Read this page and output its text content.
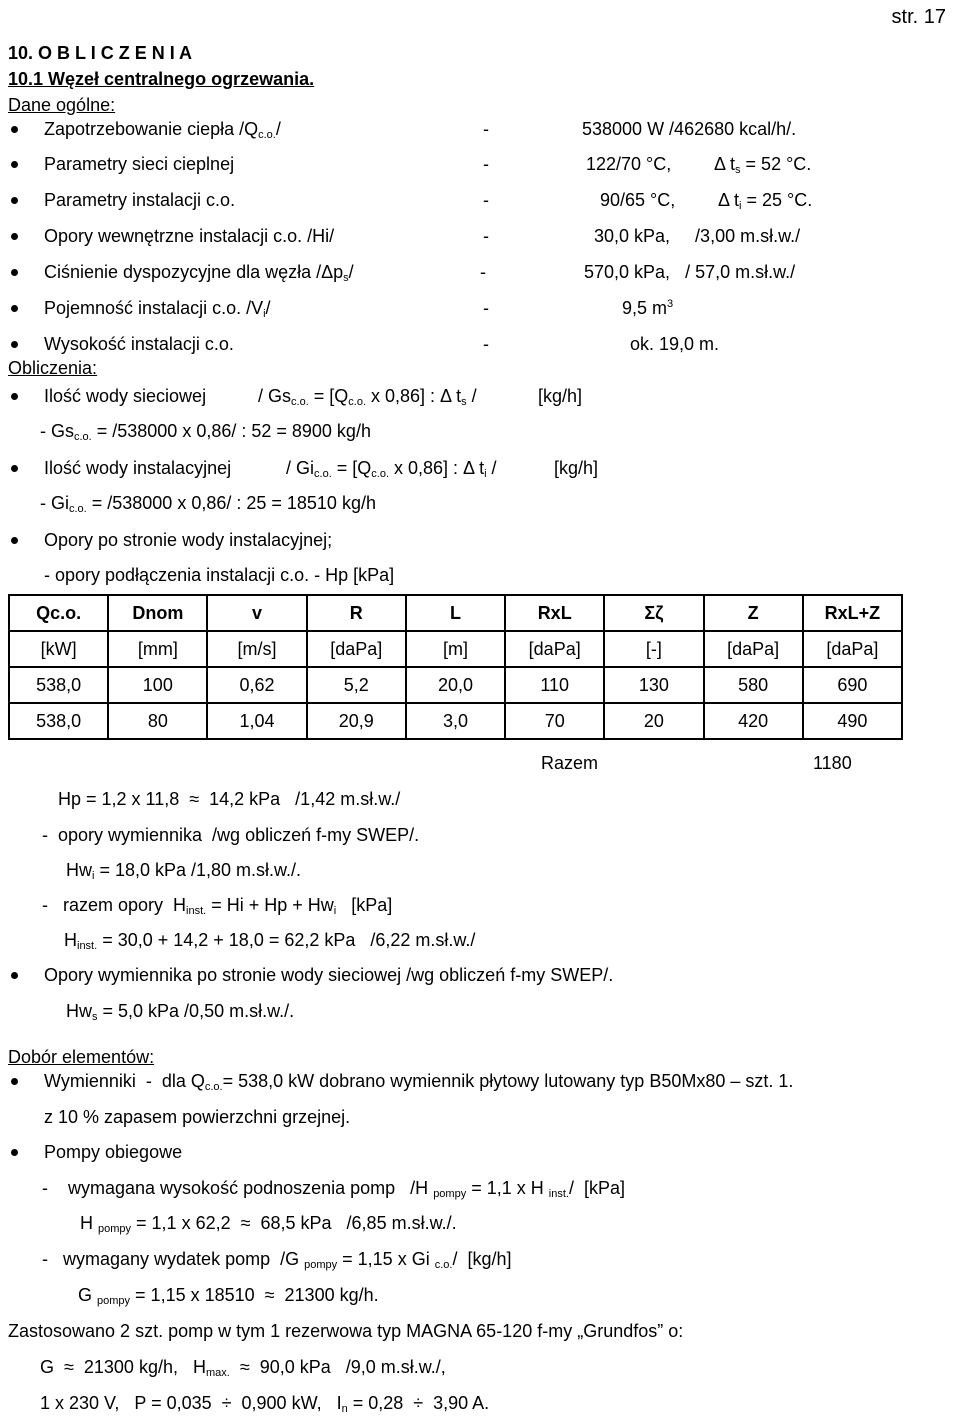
str. 17
10. O B L I C Z E N I A
10.1 Węzeł centralnego ogrzewania.
Dane ogólne:
Zapotrzebowanie ciepła $/Q_{c.o.}/$	-	538000 W /462680 kcal/h/.
Parametry sieci cieplnej	-	122/70 °C, Δ $t_s = 52$ °C.
Parametry instalacji c.o.	-	90/65 °C, Δ $t_i = 25$ °C.
Opory wewnętrzne instalacji c.o. /Hi/	-	30,0 kPa,     /3,00 m.sł.w./
Ciśnienie dyspozycyjne dla węzła $/\Delta p_s/$	-	570,0 kPa,   / 57,0 m.sł.w./
Pojemność instalacji c.o. $/V_i/$	-	9,5 $m^3$
Wysokość instalacji c.o.	-	ok. 19,0 m.
Obliczenia:
Ilość wody sieciowej	/ $Gs_{c.o.} = [Q_{c.o.}$ x 0,86] : Δ $t_s$ /	[kg/h]
- $Gs_{c.o.} = /538000$ x 0,86/ : 52 = 8900 kg/h
Ilość wody instalacyjnej	/ $Gi_{c.o.} = [Q_{c.o.}$ x 0,86] : Δ $t_i$ /	[kg/h]
- $Gi_{c.o.} = /538000$ x 0,86/ : 25 = 18510 kg/h
Opory po stronie wody instalacyjnej;
- opory podłączenia instalacji c.o. - Hp [kPa]
Qc.o.	Dnom	v	R	L	RxL	Σζ	Z	RxL+Z
[kW]	[mm]	[m/s]	[daPa]	[m]	[daPa]	[-]	[daPa]	[daPa]
538,0	100	0,62	5,2	20,0	110	130	580	690
538,0	80	1,04	20,9	3,0	70	20	420	490
Razem	1180
Hp = 1,2 x 11,8  ≈  14,2 kPa   /1,42 m.sł.w./
-  opory wymiennika  /wg obliczeń f-my SWEP/.
$Hw_i = 18,0$ kPa /1,80 m.sł.w./.
-   razem opory  $H_{inst.} = Hi + Hp + Hw_i$   [kPa]
$H_{inst.} = 30,0 + 14,2 + 18,0 = 62,2$ kPa   /6,22 m.sł.w./
Opory wymiennika po stronie wody sieciowej /wg obliczeń f-my SWEP/.
$Hw_s = 5,0$ kPa /0,50 m.sł.w./.
Dobór elementów:
Wymienniki  -  dla $Q_{c.o.}= 538,0$ kW dobrano wymiennik płytowy lutowany typ B50Mx80 – szt. 1.
z 10 % zapasem powierzchni grzejnej.
Pompy obiegowe
-    wymagana wysokość podnoszenia pomp   /H $_{pompy}$ = 1,1 x H $_{inst.}$/  [kPa]
H $_{pompy}$ = 1,1 x 62,2  ≈  68,5 kPa   /6,85 m.sł.w./.
-   wymagany wydatek pomp  /G $_{pompy}$ = 1,15 x Gi $_{c.o.}$/  [kg/h]
G $_{pompy}$ = 1,15 x 18510  ≈  21300 kg/h.
Zastosowano 2 szt. pomp w tym 1 rezerwowa typ MAGNA 65-120 f-my „Grundfos” o:
G  ≈  21300 kg/h,   $H_{max.} \approx 90,0$ kPa   /9,0 m.sł.w./,
1 x 230 V,   P = 0,035  ÷  0,900 kW,   $I_n = 0,28 \div 3,90$ A.
